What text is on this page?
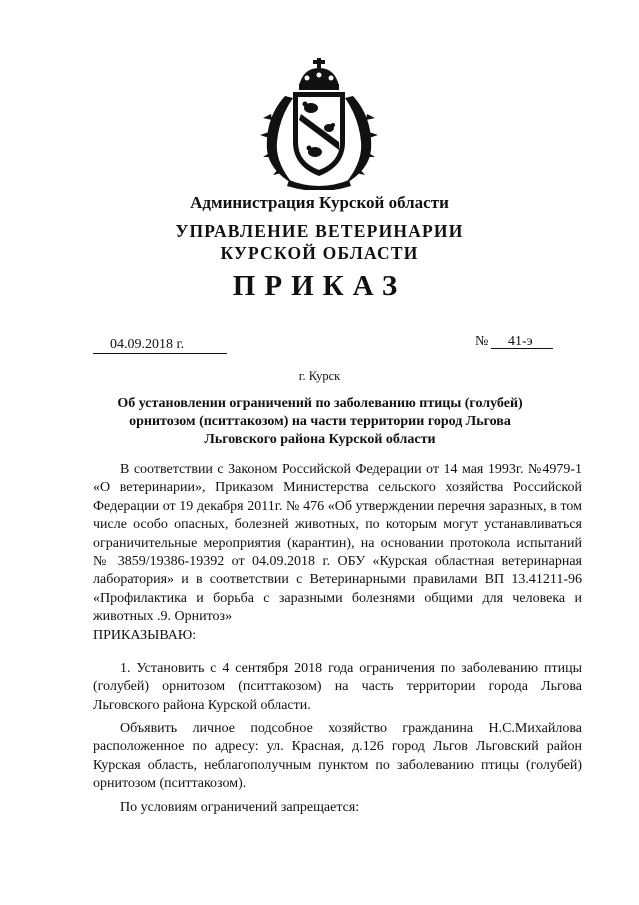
Администрация Курской области
УПРАВЛЕНИЕ ВЕТЕРИНАРИИ
КУРСКОЙ ОБЛАСТИ
ПРИКАЗ
04.09.2018 г.	№ 41-э
г. Курск
Об установлении ограничений по заболеванию птицы (голубей) орнитозом (пситтакозом) на части территории город Льгова Льговского района Курской области

В соответствии с Законом Российской Федерации от 14 мая 1993г. №4979-1 «О ветеринарии», Приказом Министерства сельского хозяйства Российской Федерации от 19 декабря 2011г. № 476 «Об утверждении перечня заразных, в том числе особо опасных, болезней животных, по которым могут устанавливаться ограничительные мероприятия (карантин), на основании протокола испытаний № 3859/19386-19392 от 04.09.2018 г. ОБУ «Курская областная ветеринарная лаборатория» и в соответствии с Ветеринарными правилами ВП 13.41211-96 «Профилактика и борьба с заразными болезнями общими для человека и животных .9. Орнитоз»

ПРИКАЗЫВАЮ:

1. Установить с 4 сентября 2018 года ограничения по заболеванию птицы (голубей) орнитозом (пситтакозом) на часть территории города Льгова Льговского района Курской области.

Объявить личное подсобное хозяйство гражданина Н.С.Михайлова расположенное по адресу: ул. Красная, д.126 город Льгов Льговский район Курская область, неблагополучным пунктом по заболеванию птицы (голубей) орнитозом (пситтакозом).

По условиям ограничений запрещается:
